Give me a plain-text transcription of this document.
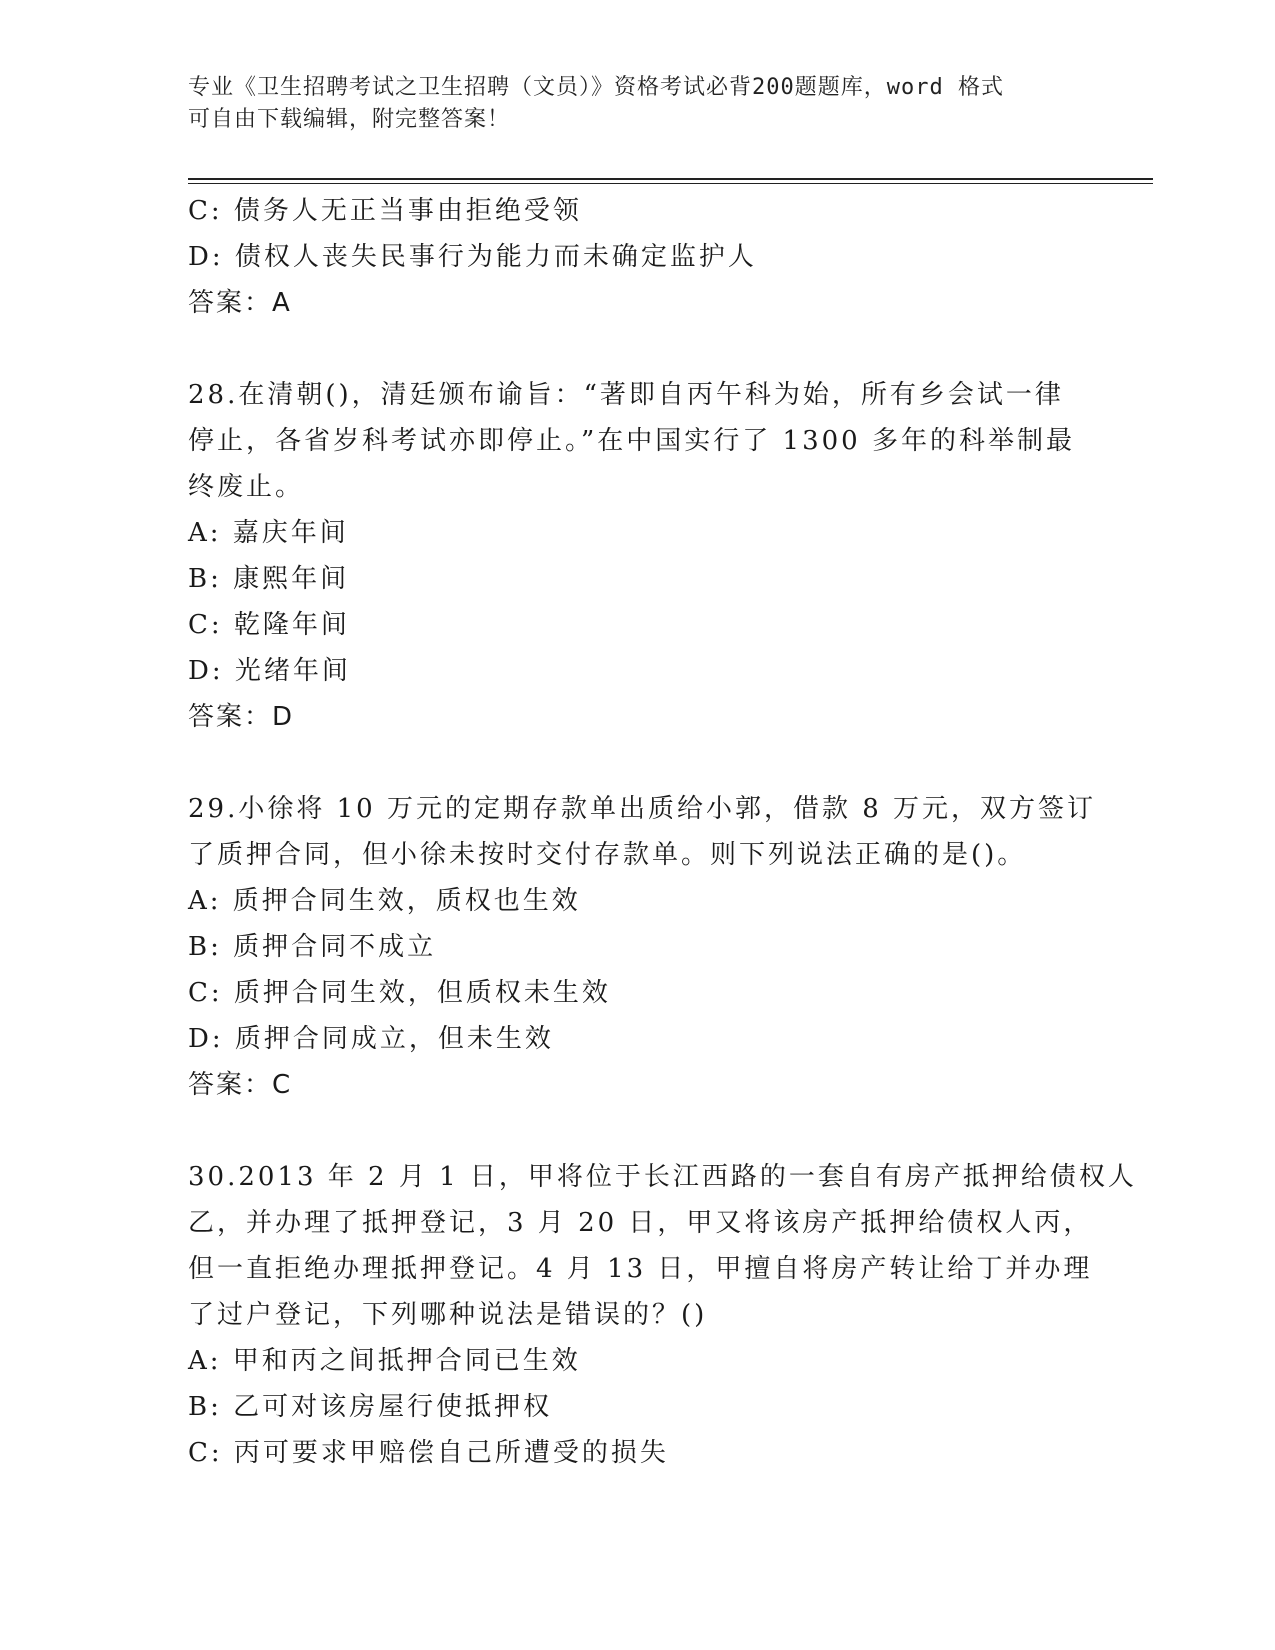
专业《卫生招聘考试之卫生招聘（文员）》资格考试必背200题题库，word 格式
可自由下载编辑，附完整答案！
C: 债务人无正当事由拒绝受领
D: 债权人丧失民事行为能力而未确定监护人
答案：A
28.在清朝()，清廷颁布谕旨：“著即自丙午科为始，所有乡会试一律
停止，各省岁科考试亦即停止。”在中国实行了 1300 多年的科举制最
终废止。
A: 嘉庆年间
B: 康熙年间
C: 乾隆年间
D: 光绪年间
答案：D
29.小徐将 10 万元的定期存款单出质给小郭，借款 8 万元，双方签订
了质押合同，但小徐未按时交付存款单。则下列说法正确的是()。
A: 质押合同生效，质权也生效
B: 质押合同不成立
C: 质押合同生效，但质权未生效
D: 质押合同成立，但未生效
答案：C
30.2013 年 2 月 1 日，甲将位于长江西路的一套自有房产抵押给债权人
乙，并办理了抵押登记，3 月 20 日，甲又将该房产抵押给债权人丙，
但一直拒绝办理抵押登记。4 月 13 日，甲擅自将房产转让给丁并办理
了过户登记，下列哪种说法是错误的？()
A: 甲和丙之间抵押合同已生效
B: 乙可对该房屋行使抵押权
C: 丙可要求甲赔偿自己所遭受的损失
